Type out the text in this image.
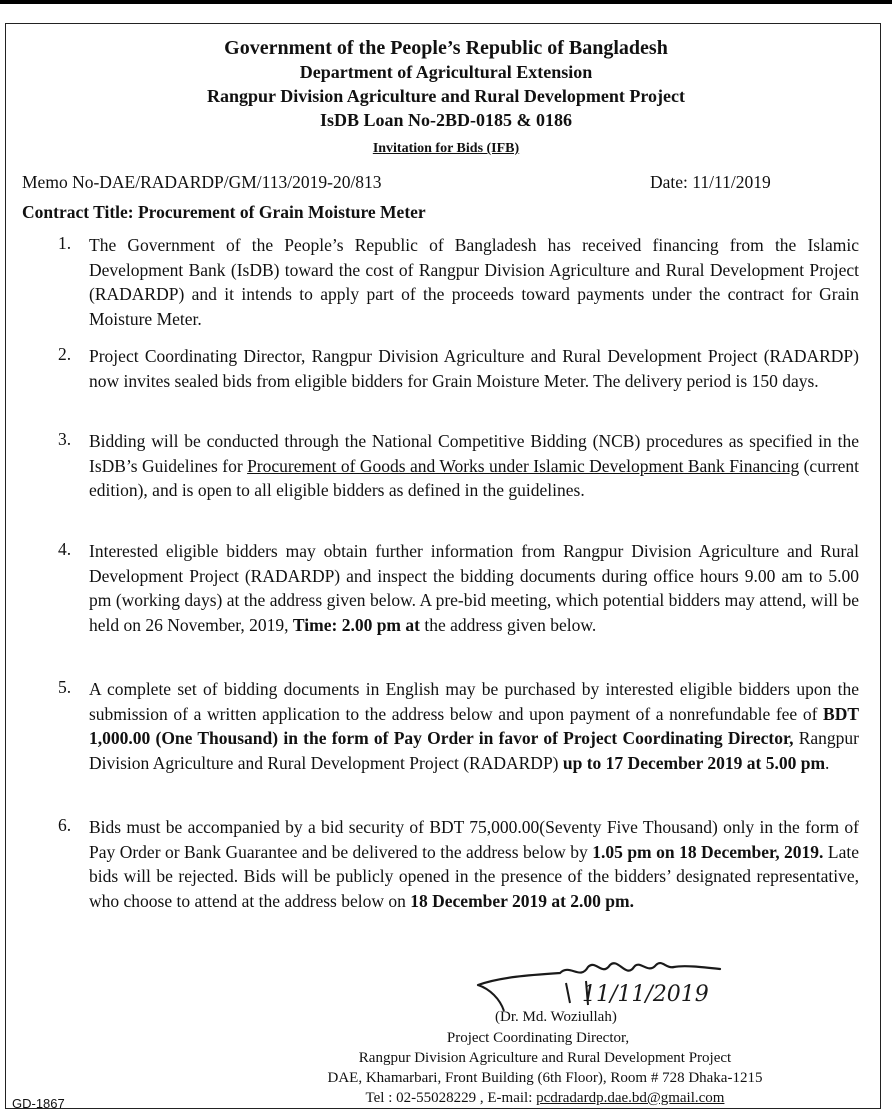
Government of the People’s Republic of Bangladesh
Department of Agricultural Extension
Rangpur Division Agriculture and Rural Development Project
IsDB Loan No-2BD-0185 & 0186
Invitation for Bids (IFB)
Memo No-DAE/RADARDP/GM/113/2019-20/813	Date: 11/11/2019
Contract Title: Procurement of Grain Moisture Meter
1.	The Government of the People’s Republic of Bangladesh has received financing from the Islamic Development Bank (IsDB) toward the cost of Rangpur Division Agriculture and Rural Development Project (RADARDP) and it intends to apply part of the proceeds toward payments under the contract for Grain Moisture Meter.
2.	Project Coordinating Director, Rangpur Division Agriculture and Rural Development Project (RADARDP) now invites sealed bids from eligible bidders for Grain Moisture Meter. The delivery period is 150 days.
3.	Bidding will be conducted through the National Competitive Bidding (NCB) procedures as specified in the IsDB’s Guidelines for Procurement of Goods and Works under Islamic Development Bank Financing (current edition), and is open to all eligible bidders as defined in the guidelines.
4.	Interested eligible bidders may obtain further information from Rangpur Division Agriculture and Rural Development Project (RADARDP) and inspect the bidding documents during office hours 9.00 am to 5.00 pm (working days) at the address given below. A pre-bid meeting, which potential bidders may attend, will be held on 26 November, 2019, Time: 2.00 pm at the address given below.
5.	A complete set of bidding documents in English may be purchased by interested eligible bidders upon the submission of a written application to the address below and upon payment of a nonrefundable fee of BDT 1,000.00 (One Thousand) in the form of Pay Order in favor of Project Coordinating Director, Rangpur Division Agriculture and Rural Development Project (RADARDP) up to 17 December 2019 at 5.00 pm.
6.	Bids must be accompanied by a bid security of BDT 75,000.00(Seventy Five Thousand) only in the form of Pay Order or Bank Guarantee and be delivered to the address below by 1.05 pm on 18 December, 2019. Late bids will be rejected. Bids will be publicly opened in the presence of the bidders’ designated representative, who choose to attend at the address below on 18 December 2019 at 2.00 pm.
11/11/2019
(Dr. Md. Woziullah)
Project Coordinating Director,
Rangpur Division Agriculture and Rural Development Project
DAE, Khamarbari, Front Building (6th Floor), Room # 728 Dhaka-1215
Tel : 02-55028229 , E-mail: pcdradardp.dae.bd@gmail.com
GD-1867
